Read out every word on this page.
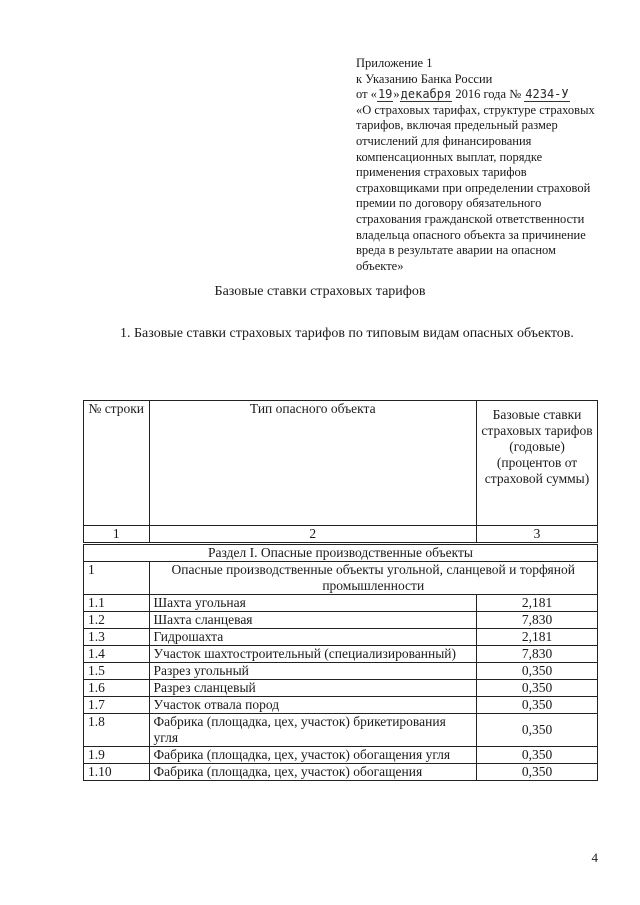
Приложение 1
к Указанию Банка России
от «19»декабря 2016 года № 4234-У
«О страховых тарифах, структуре страховых тарифов, включая предельный размер отчислений для финансирования компенсационных выплат, порядке применения страховых тарифов страховщиками при определении страховой премии по договору обязательного страхования гражданской ответственности владельца опасного объекта за причинение вреда в результате аварии на опасном объекте»
Базовые ставки страховых тарифов
1. Базовые ставки страховых тарифов по типовым видам опасных объектов.
№ строки	Тип опасного объекта	Базовые ставки страховых тарифов (годовые) (процентов от страховой суммы)
1	2	3
Раздел I. Опасные производственные объекты		
1	Опасные производственные объекты угольной, сланцевой и торфяной промышленности	
1.1	Шахта угольная	2,181
1.2	Шахта сланцевая	7,830
1.3	Гидрошахта	2,181
1.4	Участок шахтостроительный (специализированный)	7,830
1.5	Разрез угольный	0,350
1.6	Разрез сланцевый	0,350
1.7	Участок отвала пород	0,350
1.8	Фабрика (площадка, цех, участок) брикетирования угля	0,350
1.9	Фабрика (площадка, цех, участок) обогащения угля	0,350
1.10	Фабрика (площадка, цех, участок) обогащения	0,350
4
